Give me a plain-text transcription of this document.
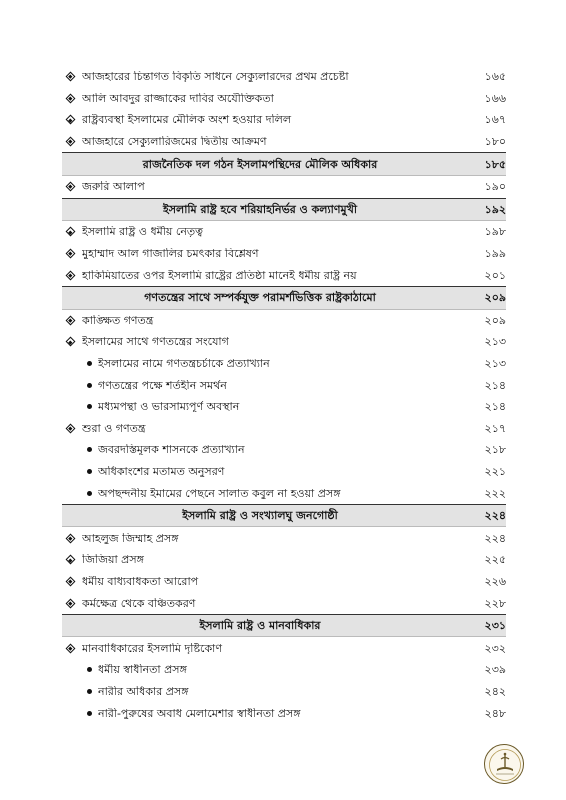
আজহারের চিন্তাগত বিকৃতি সাধনে সেক্যুলারদের প্রথম প্রচেষ্টা	১৬৫
আলি আবদুর রাজ্জাকের দাবির অযৌক্তিকতা	১৬৬
রাষ্ট্রব্যবস্থা ইসলামের মৌলিক অংশ হওয়ার দলিল	১৬৭
আজহারে সেক্যুলারিজমের দ্বিতীয় আক্রমণ	১৮০
রাজনৈতিক দল গঠন ইসলামপন্থিদের মৌলিক অধিকার	১৮৫
জরুরি আলাপ	১৯০
ইসলামি রাষ্ট্র হবে শরিয়াহনির্ভর ও কল্যাণমুখী	১৯২
ইসলামি রাষ্ট্র ও ধর্মীয় নেতৃত্ব	১৯৮
মুহাম্মাদ আল গাজালির চমৎকার বিশ্লেষণ	১৯৯
হাকিমিয়াতের ওপর ইসলামি রাষ্ট্রের প্রতিষ্ঠা মানেই ধর্মীয় রাষ্ট্র নয়	২০১
গণতন্ত্রের সাথে সম্পর্কযুক্ত পরামর্শভিত্তিক রাষ্ট্রকাঠামো	২০৯
কাঙ্ক্ষিত গণতন্ত্র	২০৯
ইসলামের সাথে গণতন্ত্রের সংযোগ	২১৩
ইসলামের নামে গণতন্ত্রচর্চাকে প্রত্যাখ্যান	২১৩
গণতন্ত্রের পক্ষে শর্তহীন সমর্থন	২১৪
মধ্যমপন্থা ও ভারসাম্যপূর্ণ অবস্থান	২১৪
শুরা ও গণতন্ত্র	২১৭
জবরদস্তিমূলক শাসনকে প্রত্যাখ্যান	২১৮
অধিকাংশের মতামত অনুসরণ	২২১
অপছন্দনীয় ইমামের পেছনে সালাত কবুল না হওয়া প্রসঙ্গ	২২২
ইসলামি রাষ্ট্র ও সংখ্যালঘু জনগোষ্ঠী	২২৪
আহলুজ জিম্মাহ প্রসঙ্গ	২২৪
জিজিয়া প্রসঙ্গ	২২৫
ধর্মীয় বাধ্যবাধকতা আরোপ	২২৬
কর্মক্ষেত্র থেকে বঞ্চিতকরণ	২২৮
ইসলামি রাষ্ট্র ও মানবাধিকার	২৩১
মানবাধিকারের ইসলামি দৃষ্টিকোণ	২৩২
ধর্মীয় স্বাধীনতা প্রসঙ্গ	২৩৯
নারীর অধিকার প্রসঙ্গ	২৪২
নারী-পুরুষের অবাধ মেলামেশার স্বাধীনতা প্রসঙ্গ	২৪৮
